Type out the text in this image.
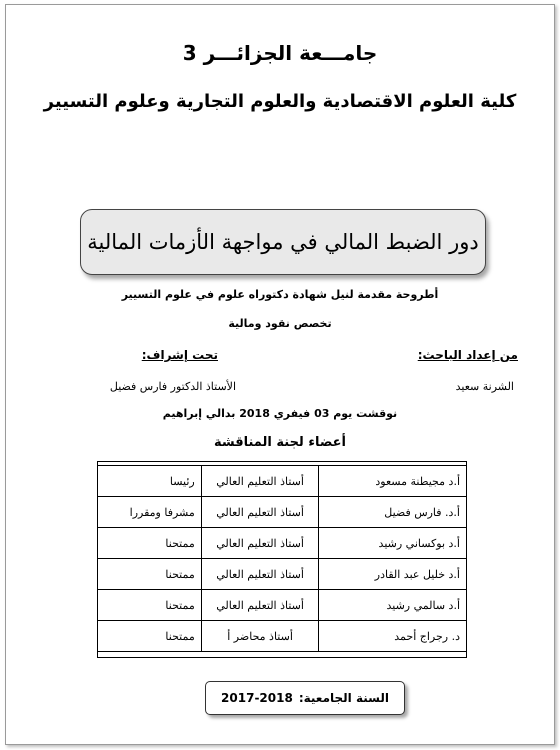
جامـــعة الجزائـــر 3
كلية العلوم الاقتصادية والعلوم التجارية وعلوم التسيير
دور الضبط المالي في مواجهة الأزمات المالية
أطروحة مقدمة لنيل شهادة دكتوراه علوم في علوم التسيير
تخصص نقود ومالية
من إعداد الباحث:
تحت إشراف:
الشرنة سعيد
الأستاذ الدكتور فارس فضيل
نوقشت يوم 03 فيفري 2018 بدالي إبراهيم
أعضاء لجنة المناقشة
أ.د مجيطنة مسعود	أستاذ التعليم العالي	رئيسا
أ.د. فارس فضيل	أستاذ التعليم العالي	مشرفا ومقررا
أ.د بوكساني رشيد	أستاذ التعليم العالي	ممتحنا
أ.د خليل عبد القادر	أستاذ التعليم العالي	ممتحنا
أ.د سالمي رشيد	أستاذ التعليم العالي	ممتحنا
د. رجراج أحمد	أستاذ محاضر أ	ممتحنا
السنة الجامعية:
2017-2018
